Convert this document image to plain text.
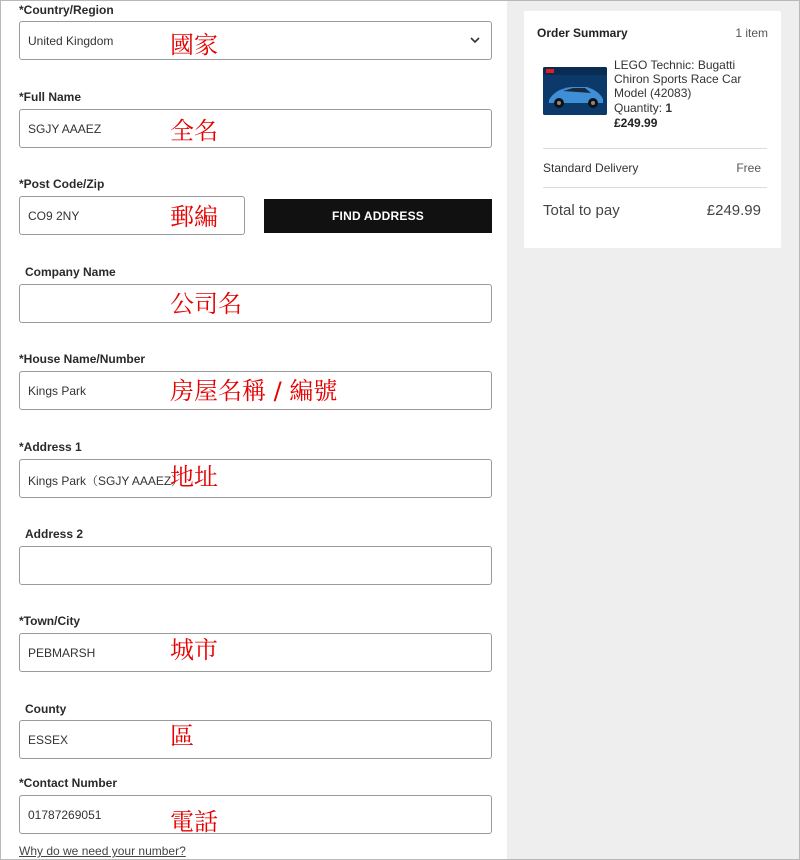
*Country/Region
United Kingdom 國家
*Full Name
SGJY AAAEZ	全名
*Post Code/Zip
CO9 2NY	郵編	FIND ADDRESS
Company Name
公司名
*House Name/Number
Kings Park	房屋名稱 / 編號
*Address 1
Kings Park（SGJY AAAEZ）
地址
Address 2
*Town/City
PEBMARSH	城市
County
ESSEX	區
*Contact Number
01787269051	電話
Why do we need your number?
Order Summary	1 item
LEGO Technic: Bugatti Chiron Sports Race Car Model (42083)
Quantity: 1
£249.99
Standard Delivery	Free
Total to pay	£249.99
